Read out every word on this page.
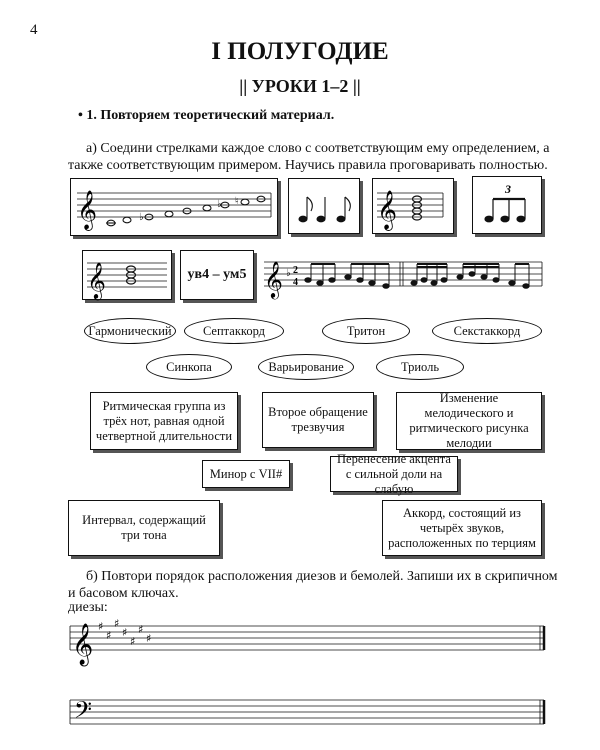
4
I ПОЛУГОДИЕ
|| УРОКИ 1–2 ||
• 1. Повторяем теоретический материал.
а) Соедини стрелками каждое слово с соответствующим ему определением, а также соответствующим примером. Научись правила проговаривать полностью.
𝄞	♭
♭ ♮	𝄞
3
𝄞	ув4 – ум5 𝄞 ♭ 2
4
Гармонический	Септаккорд	Тритон	Секстаккорд
Синкопа	Варьирование	Триоль
Ритмическая группа из трёх нот, равная одной четвертной длительности
Второе обращение трезвучия
Изменение мелодического и ритмического рисунка мелодии
Минор с VII#
Перенесение акцента с сильной доли на слабую
Интервал, содержащий три тона
Аккорд, состоящий из четырёх звуков, расположенных по терциям
б) Повтори порядок расположения диезов и бемолей. Запиши их в скрипичном и басовом ключах.
диезы:
𝄞 ♯
♯
♯
♯
♯
♯
♯
𝄢
